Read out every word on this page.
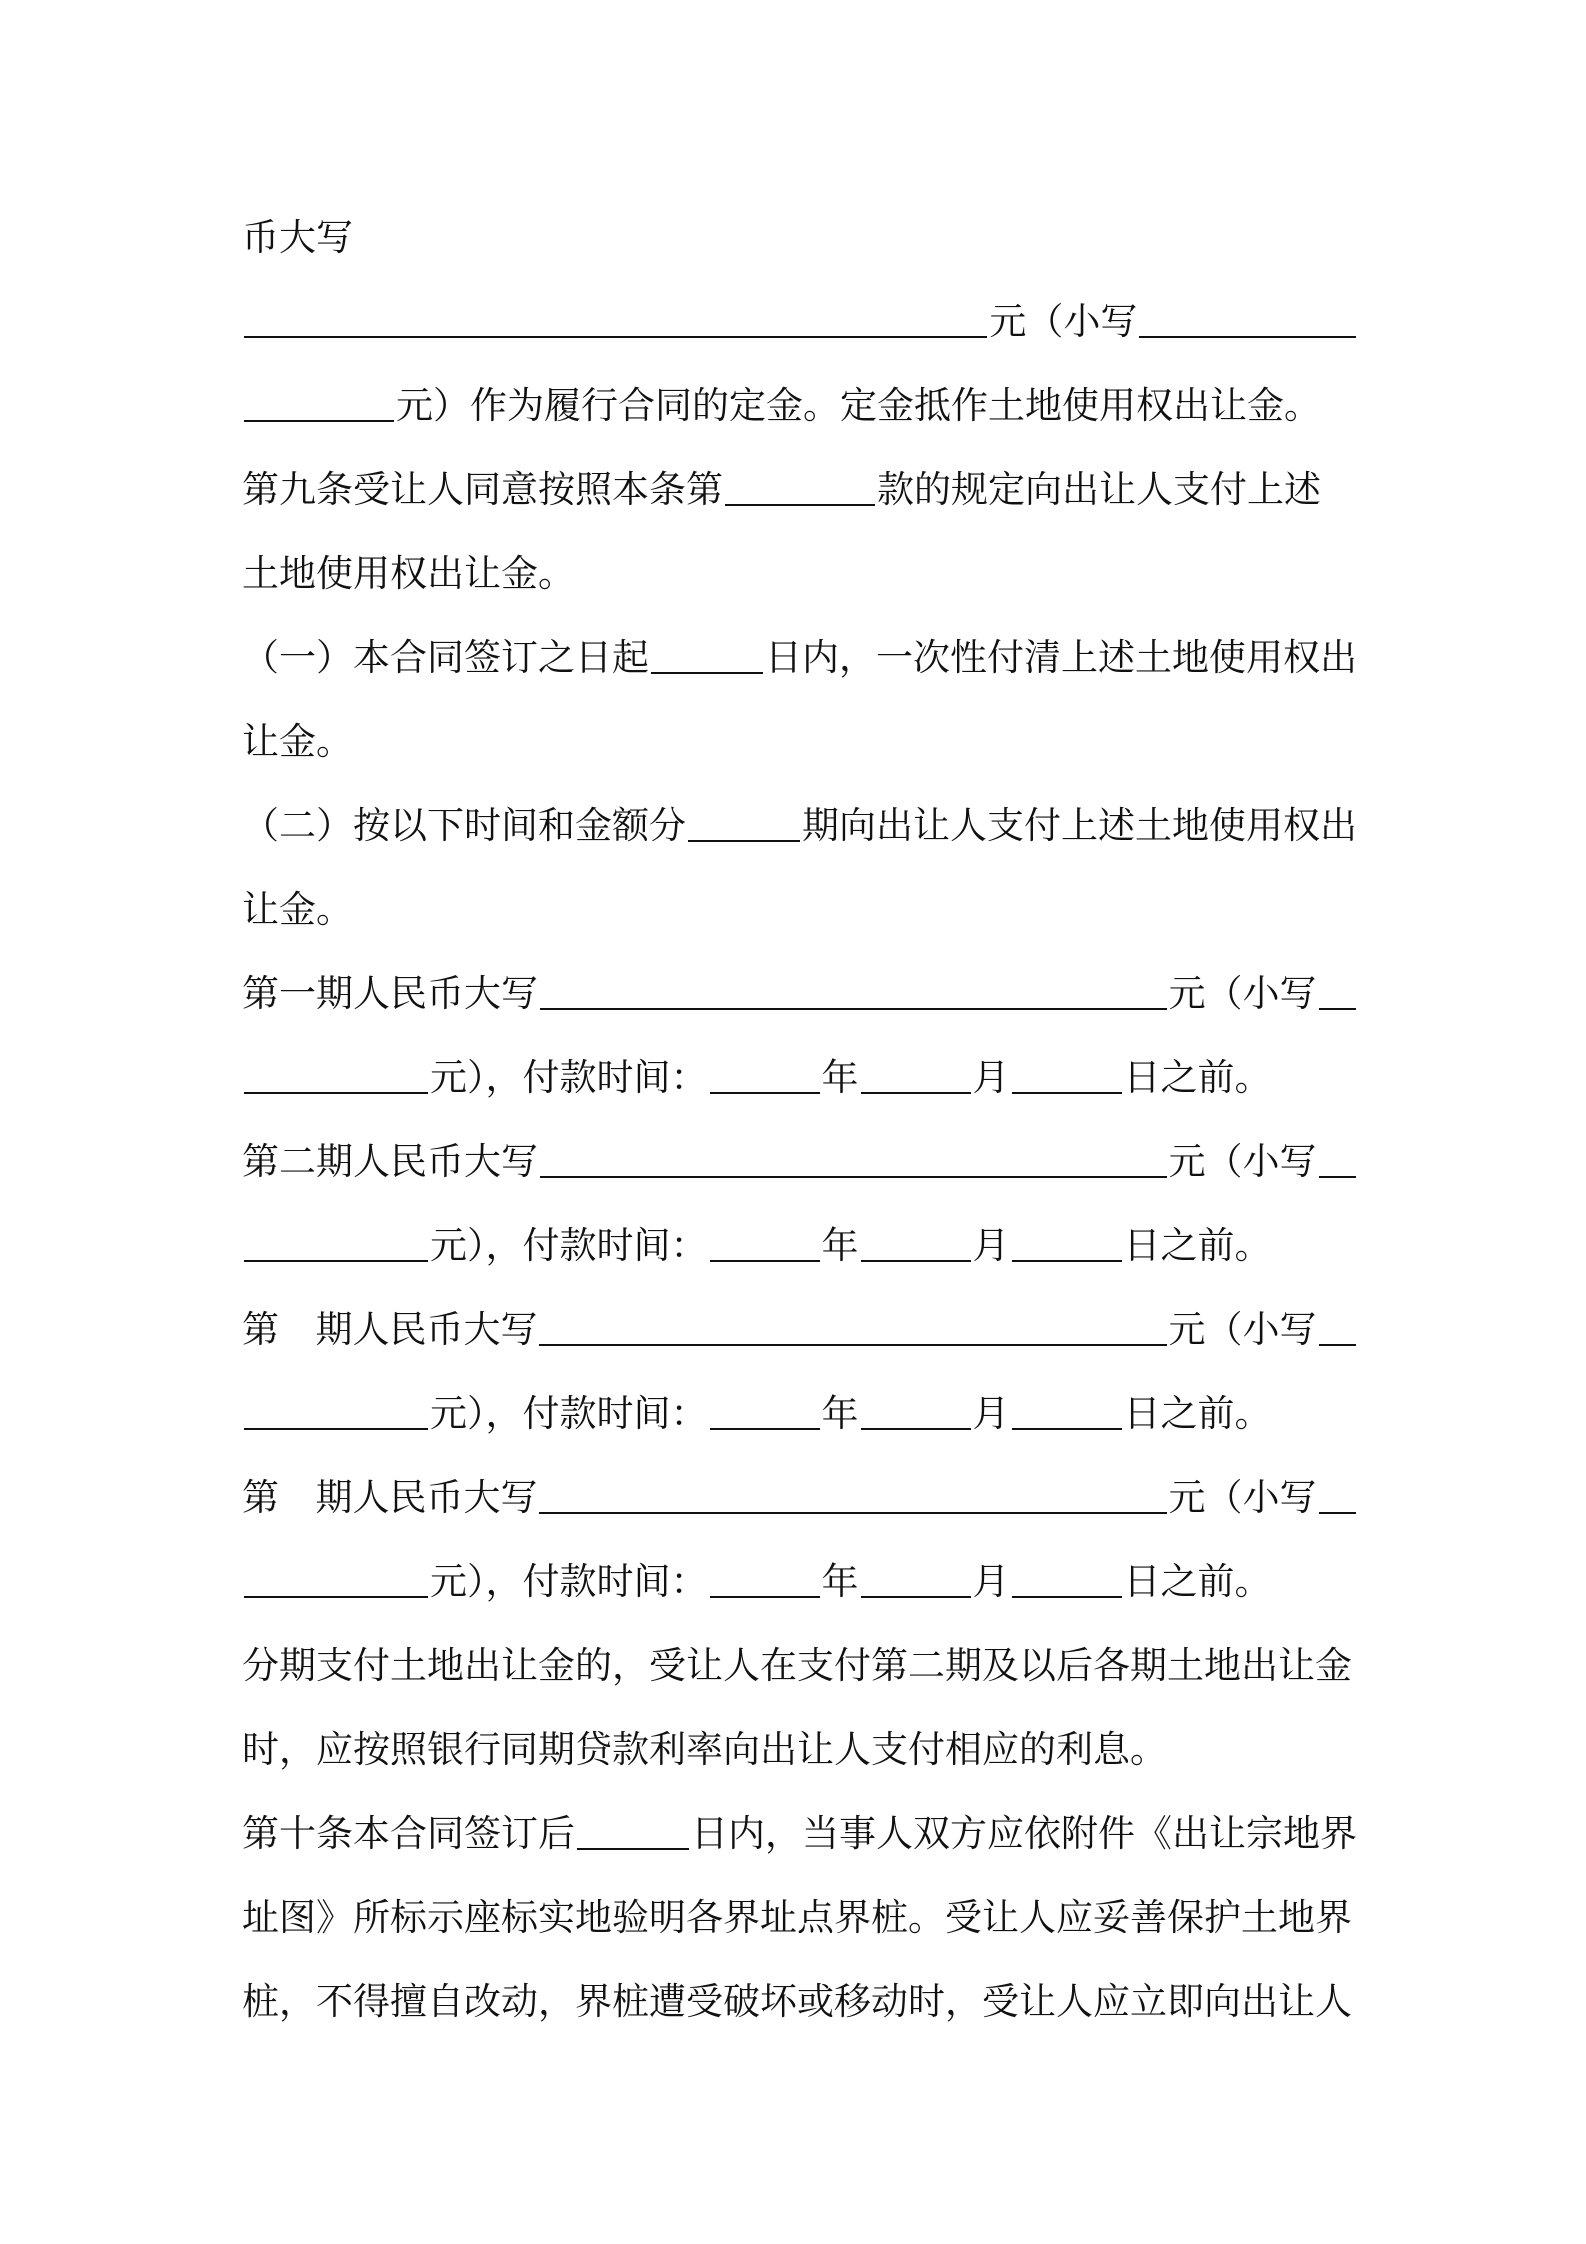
币大写
元（小写
元）作为履行合同的定金。定金抵作土地使用权出让金。
第九条受让人同意按照本条第	款的规定向出让人支付上述
土地使用权出让金。
（一）本合同签订之日起	日内，一次性付清上述土地使用权出
让金。
（二）按以下时间和金额分	期向出让人支付上述土地使用权出
让金。
第一期人民币大写	元（小写
元），付款时间：	年	月	日之前。
第二期人民币大写	元（小写
元），付款时间：	年	月	日之前。
第 期人民币大写	元（小写
元），付款时间：	年	月	日之前。
第 期人民币大写	元（小写
元），付款时间：	年	月	日之前。
分期支付土地出让金的，受让人在支付第二期及以后各期土地出让金
时，应按照银行同期贷款利率向出让人支付相应的利息。
第十条本合同签订后	日内，当事人双方应依附件《出让宗地界
址图》所标示座标实地验明各界址点界桩。受让人应妥善保护土地界
桩，不得擅自改动，界桩遭受破坏或移动时，受让人应立即向出让人
